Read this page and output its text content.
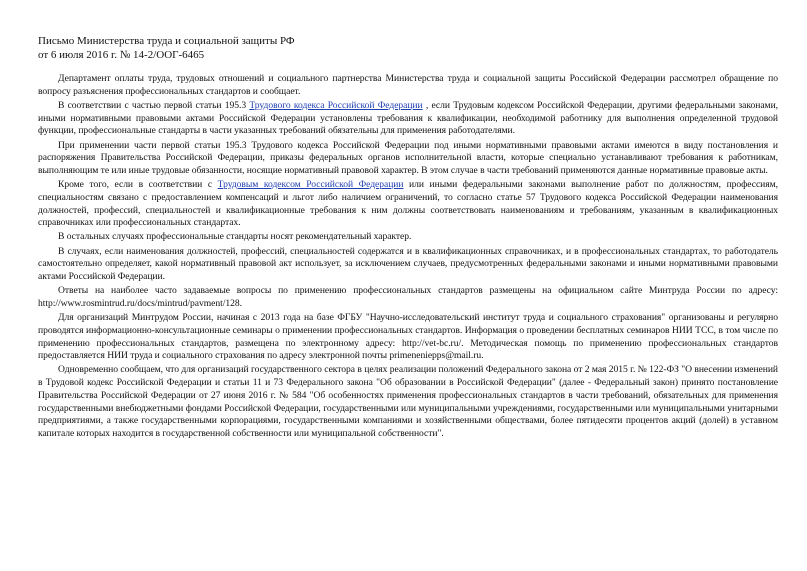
Письмо Министерства труда и социальной защиты РФ
от 6 июля 2016 г. № 14-2/ООГ-6465

Департамент оплаты труда, трудовых отношений и социального партнерства Министерства труда и социальной защиты Российской Федерации рассмотрел обращение по вопросу разъяснения профессиональных стандартов и сообщает.

В соответствии с частью первой статьи 195.3 Трудового кодекса Российской Федерации , если Трудовым кодексом Российской Федерации, другими федеральными законами, иными нормативными правовыми актами Российской Федерации установлены требования к квалификации, необходимой работнику для выполнения определенной трудовой функции, профессиональные стандарты в части указанных требований обязательны для применения работодателями.

При применении части первой статьи 195.3 Трудового кодекса Российской Федерации под иными нормативными правовыми актами имеются в виду постановления и распоряжения Правительства Российской Федерации, приказы федеральных органов исполнительной власти, которые специально устанавливают требования к работникам, выполняющим те или иные трудовые обязанности, носящие нормативный правовой характер. В этом случае в части требований применяются данные нормативные правовые акты.

Кроме того, если в соответствии с Трудовым кодексом Российской Федерации или иными федеральными законами выполнение работ по должностям, профессиям, специальностям связано с предоставлением компенсаций и льгот либо наличием ограничений, то согласно статье 57 Трудового кодекса Российской Федерации наименования должностей, профессий, специальностей и квалификационные требования к ним должны соответствовать наименованиям и требованиям, указанным в квалификационных справочниках или профессиональных стандартах.

В остальных случаях профессиональные стандарты носят рекомендательный характер.

В случаях, если наименования должностей, профессий, специальностей содержатся и в квалификационных справочниках, и в профессиональных стандартах, то работодатель самостоятельно определяет, какой нормативный правовой акт использует, за исключением случаев, предусмотренных федеральными законами и иными нормативными правовыми актами Российской Федерации.

Ответы на наиболее часто задаваемые вопросы по применению профессиональных стандартов размещены на официальном сайте Минтруда России по адресу: http://www.rosmintrud.ru/docs/mintrud/pavment/128.

Для организаций Минтрудом России, начиная с 2013 года на базе ФГБУ "Научно-исследовательский институт труда и социального страхования" организованы и регулярно проводятся информационно-консультационные семинары о применении профессиональных стандартов. Информация о проведении бесплатных семинаров НИИ ТСС, в том числе по применению профессиональных стандартов, размещена по электронному адресу: http://vet-bc.ru/. Методическая помощь по применению профессиональных стандартов предоставляется НИИ труда и социального страхования по адресу электронной почты primeneniepps@mail.ru.

Одновременно сообщаем, что для организаций государственного сектора в целях реализации положений Федерального закона от 2 мая 2015 г. № 122-ФЗ "О внесении изменений в Трудовой кодекс Российской Федерации и статьи 11 и 73 Федерального закона "Об образовании в Российской Федерации" (далее - Федеральный закон) принято постановление Правительства Российской Федерации от 27 июня 2016 г. № 584 "Об особенностях применения профессиональных стандартов в части требований, обязательных для применения государственными внебюджетными фондами Российской Федерации, государственными или муниципальными учреждениями, государственными или муниципальными унитарными предприятиями, а также государственными корпорациями, государственными компаниями и хозяйственными обществами, более пятидесяти процентов акций (долей) в уставном капитале которых находится в государственной собственности или муниципальной собственности".
